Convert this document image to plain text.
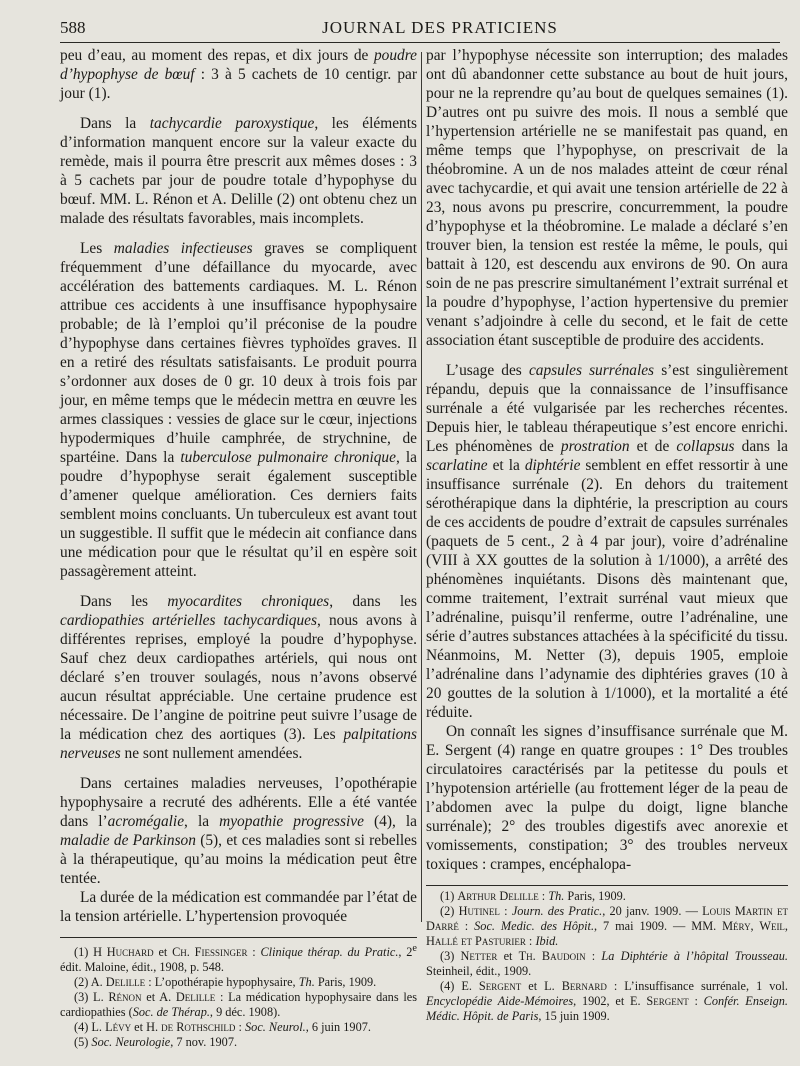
588	JOURNAL DES PRATICIENS

peu d’eau, au moment des repas, et dix jours de poudre d’hypophyse de bœuf : 3 à 5 cachets de 10 centigr. par jour (1).

Dans la tachycardie paroxystique, les éléments d’information manquent encore sur la valeur exacte du remède, mais il pourra être prescrit aux mêmes doses : 3 à 5 cachets par jour de poudre totale d’hypophyse du bœuf. MM. L. Rénon et A. Delille (2) ont obtenu chez un malade des résultats favorables, mais incomplets.

Les maladies infectieuses graves se compliquent fréquemment d’une défaillance du myocarde, avec accélération des battements cardiaques. M. L. Rénon attribue ces accidents à une insuffisance hypophysaire probable; de là l’emploi qu’il préconise de la poudre d’hypophyse dans certaines fièvres typhoïdes graves. Il en a retiré des résultats satisfaisants. Le produit pourra s’ordonner aux doses de 0 gr. 10 deux à trois fois par jour, en même temps que le médecin mettra en œuvre les armes classiques : vessies de glace sur le cœur, injections hypodermiques d’huile camphrée, de strychnine, de spartéine. Dans la tuberculose pulmonaire chronique, la poudre d’hypophyse serait également susceptible d’amener quelque amélioration. Ces derniers faits semblent moins concluants. Un tuberculeux est avant tout un suggestible. Il suffit que le médecin ait confiance dans une médication pour que le résultat qu’il en espère soit passagèrement atteint.

Dans les myocardites chroniques, dans les cardiopathies artérielles tachycardiques, nous avons à différentes reprises, employé la poudre d’hypophyse. Sauf chez deux cardiopathes artériels, qui nous ont déclaré s’en trouver soulagés, nous n’avons observé aucun résultat appréciable. Une certaine prudence est nécessaire. De l’angine de poitrine peut suivre l’usage de la médication chez des aortiques (3). Les palpitations nerveuses ne sont nullement amendées.

Dans certaines maladies nerveuses, l’opothérapie hypophysaire a recruté des adhérents. Elle a été vantée dans l’acromégalie, la myopathie progressive (4), la maladie de Parkinson (5), et ces maladies sont si rebelles à la thérapeutique, qu’au moins la médication peut être tentée.

La durée de la médication est commandée par l’état de la tension artérielle. L’hypertension provoquée

(1) H Huchard et Ch. Fiessinger : Clinique thérap. du Pratic., 2e édit. Maloine, édit., 1908, p. 548.
(2) A. Delille : L’opothérapie hypophysaire, Th. Paris, 1909.
(3) L. Rénon et A. Delille : La médication hypophysaire dans les cardiopathies (Soc. de Thérap., 9 déc. 1908).
(4) L. Lévy et H. de Rothschild : Soc. Neurol., 6 juin 1907.
(5) Soc. Neurologie, 7 nov. 1907.

par l’hypophyse nécessite son interruption; des malades ont dû abandonner cette substance au bout de huit jours, pour ne la reprendre qu’au bout de quelques semaines (1). D’autres ont pu suivre des mois. Il nous a semblé que l’hypertension artérielle ne se manifestait pas quand, en même temps que l’hypophyse, on prescrivait de la théobromine. A un de nos malades atteint de cœur rénal avec tachycardie, et qui avait une tension artérielle de 22 à 23, nous avons pu prescrire, concurremment, la poudre d’hypophyse et la théobromine. Le malade a déclaré s’en trouver bien, la tension est restée la même, le pouls, qui battait à 120, est descendu aux environs de 90. On aura soin de ne pas prescrire simultanément l’extrait surrénal et la poudre d’hypophyse, l’action hypertensive du premier venant s’adjoindre à celle du second, et le fait de cette association étant susceptible de produire des accidents.

L’usage des capsules surrénales s’est singulièrement répandu, depuis que la connaissance de l’insuffisance surrénale a été vulgarisée par les recherches récentes. Depuis hier, le tableau thérapeutique s’est encore enrichi. Les phénomènes de prostration et de collapsus dans la scarlatine et la diphtérie semblent en effet ressortir à une insuffisance surrénale (2). En dehors du traitement sérothérapique dans la diphtérie, la prescription au cours de ces accidents de poudre d’extrait de capsules surrénales (paquets de 5 cent., 2 à 4 par jour), voire d’adrénaline (VIII à XX gouttes de la solution à 1/1000), a arrêté des phénomènes inquiétants. Disons dès maintenant que, comme traitement, l’extrait surrénal vaut mieux que l’adrénaline, puisqu’il renferme, outre l’adrénaline, une série d’autres substances attachées à la spécificité du tissu. Néanmoins, M. Netter (3), depuis 1905, emploie l’adrénaline dans l’adynamie des diphtéries graves (10 à 20 gouttes de la solution à 1/1000), et la mortalité a été réduite.

On connaît les signes d’insuffisance surrénale que M. E. Sergent (4) range en quatre groupes : 1° Des troubles circulatoires caractérisés par la petitesse du pouls et l’hypotension artérielle (au frottement léger de la peau de l’abdomen avec la pulpe du doigt, ligne blanche surrénale); 2° des troubles digestifs avec anorexie et vomissements, constipation; 3° des troubles nerveux toxiques : crampes, encéphalopa-

(1) Arthur Delille : Th. Paris, 1909.
(2) Hutinel : Journ. des Pratic., 20 janv. 1909. — Louis Martin et Darré : Soc. Medic. des Hôpit., 7 mai 1909. — MM. Méry, Weil, Hallé et Pasturier : Ibid.
(3) Netter et Th. Baudoin : La Diphtérie à l’hôpital Trousseau. Steinheil, édit., 1909.
(4) E. Sergent et L. Bernard : L’insuffisance surrénale, 1 vol. Encyclopédie Aide-Mémoires, 1902, et E. Sergent : Confér. Enseign. Médic. Hôpit. de Paris, 15 juin 1909.
